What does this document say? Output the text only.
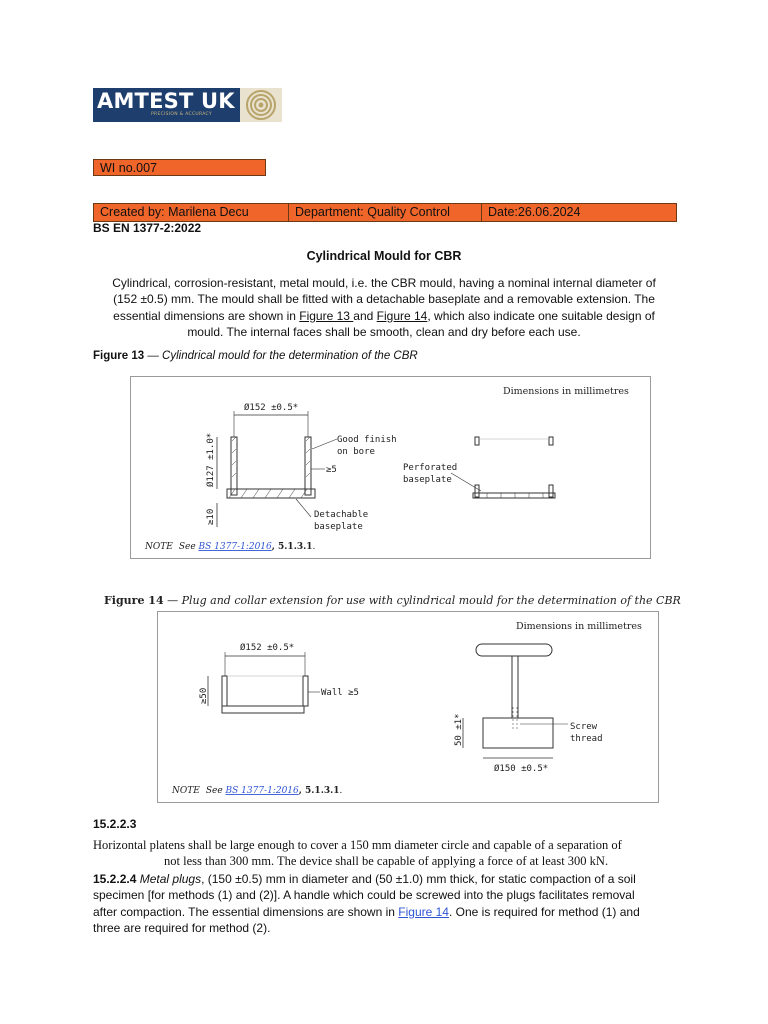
AMTEST UK
PRECISION & ACCURACY
WI no.007
Created by: Marilena Decu	Department: Quality Control	Date:26.06.2024
BS EN 1377-2:2022
Cylindrical Mould for CBR
Cylindrical, corrosion-resistant, metal mould, i.e. the CBR mould, having a nominal internal diameter of
(152 ±0.5) mm. The mould shall be fitted with a detachable baseplate and a removable extension. The
essential dimensions are shown in Figure 13 and Figure 14, which also indicate one suitable design of
mould. The internal faces shall be smooth, clean and dry before each use.
Figure 13 — Cylindrical mould for the determination of the CBR
Dimensions in millimetres
Ø152 ±0.5*
Ø127 ±1.0*
≥10
Good finish
on bore
≥5
Detachable
baseplate
Perforated
baseplate
NOTE See BS 1377-1:2016, 5.1.3.1.
Figure 14 — Plug and collar extension for use with cylindrical mould for the determination of the CBR
Dimensions in millimetres
Ø152 ±0.5*
≥50	Wall ≥5
50 ±1*	Screw
thread
Ø150 ±0.5*
NOTE See BS 1377-1:2016, 5.1.3.1.
15.2.2.3
Horizontal platens shall be large enough to cover a 150 mm diameter circle and capable of a separation of
not less than 300 mm. The device shall be capable of applying a force of at least 300 kN.
15.2.2.4 Metal plugs, (150 ±0.5) mm in diameter and (50 ±1.0) mm thick, for static compaction of a soil
specimen [for methods (1) and (2)]. A handle which could be screwed into the plugs facilitates removal
after compaction. The essential dimensions are shown in Figure 14. One is required for method (1) and
three are required for method (2).
